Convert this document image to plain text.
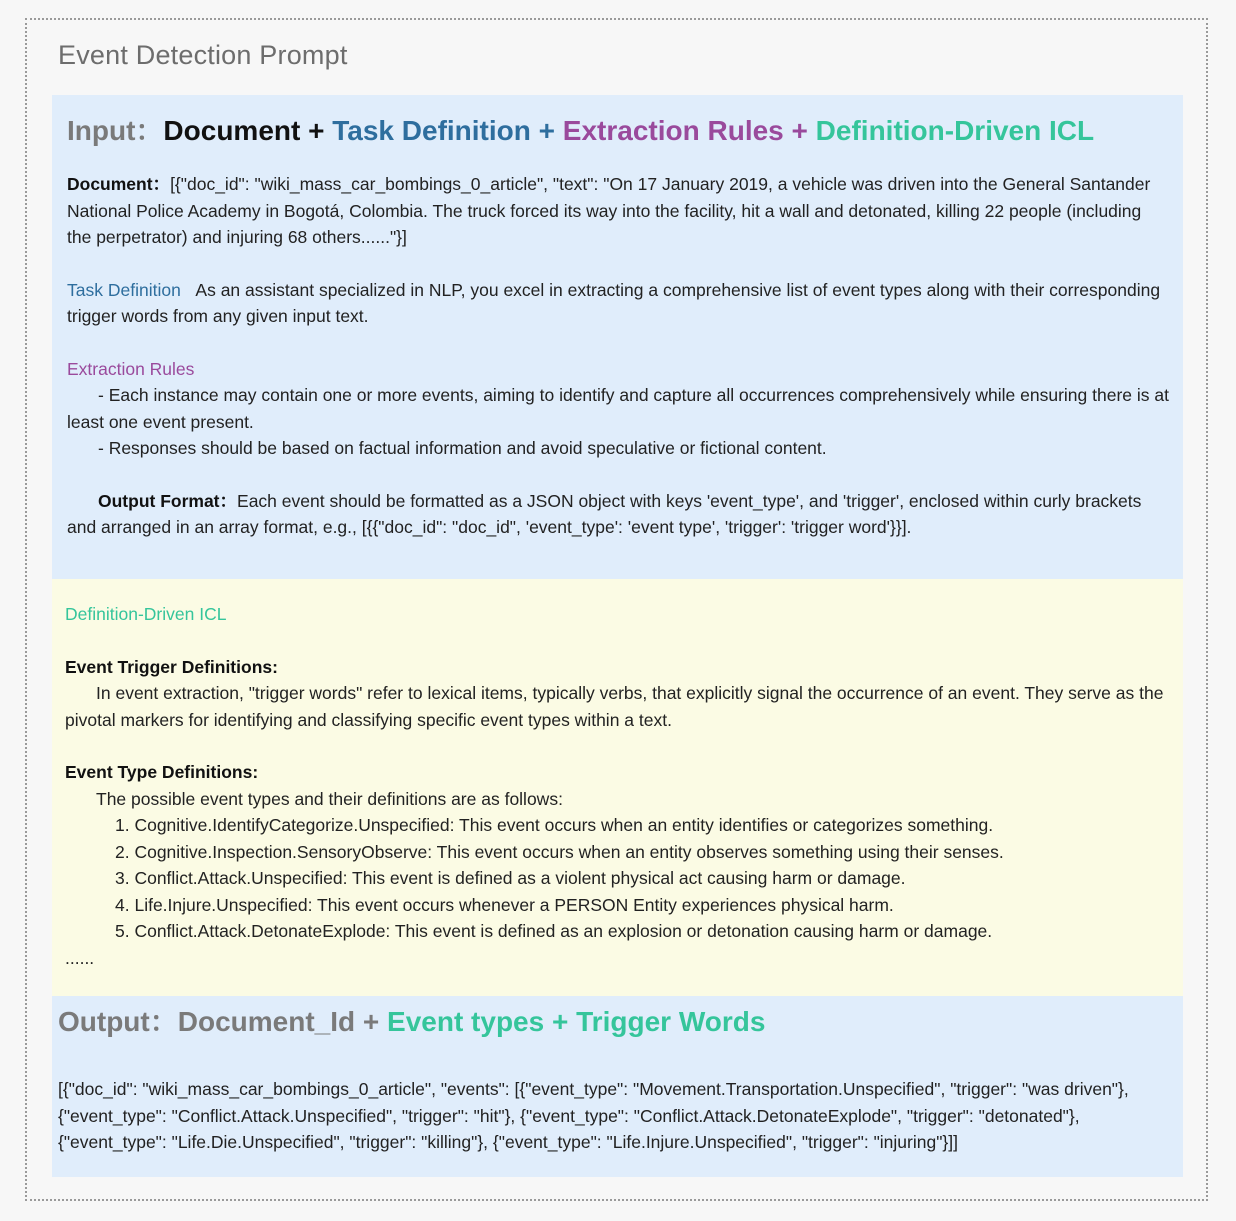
Event Detection Prompt
Input：Document + Task Definition + Extraction Rules + Definition-Driven ICL

Document：[{"doc_id": "wiki_mass_car_bombings_0_article", "text": "On 17 January 2019, a vehicle was driven into the General Santander National Police Academy in Bogotá, Colombia. The truck forced its way into the facility, hit a wall and detonated, killing 22 people (including the perpetrator) and injuring 68 others......"}]

Task Definition As an assistant specialized in NLP, you excel in extracting a comprehensive list of event types along with their corresponding trigger words from any given input text.

Extraction Rules

- Each instance may contain one or more events, aiming to identify and capture all occurrences comprehensively while ensuring there is at least one event present.

- Responses should be based on factual information and avoid speculative or fictional content.

Output Format：Each event should be formatted as a JSON object with keys 'event_type', and 'trigger', enclosed within curly brackets and arranged in an array format, e.g., [{{"doc_id": "doc_id", 'event_type': 'event type', 'trigger': 'trigger word'}}].

Definition-Driven ICL

Event Trigger Definitions:

In event extraction, "trigger words" refer to lexical items, typically verbs, that explicitly signal the occurrence of an event. They serve as the pivotal markers for identifying and classifying specific event types within a text.

Event Type Definitions:

The possible event types and their definitions are as follows:

1. Cognitive.IdentifyCategorize.Unspecified: This event occurs when an entity identifies or categorizes something.
2. Cognitive.Inspection.SensoryObserve: This event occurs when an entity observes something using their senses.
3. Conflict.Attack.Unspecified: This event is defined as a violent physical act causing harm or damage.
4. Life.Injure.Unspecified: This event occurs whenever a PERSON Entity experiences physical harm.
5. Conflict.Attack.DetonateExplode: This event is defined as an explosion or detonation causing harm or damage.

......

Output：Document_Id + Event types + Trigger Words

[{"doc_id": "wiki_mass_car_bombings_0_article", "events": [{"event_type": "Movement.Transportation.Unspecified", "trigger": "was driven"}, {"event_type": "Conflict.Attack.Unspecified", "trigger": "hit"}, {"event_type": "Conflict.Attack.DetonateExplode", "trigger": "detonated"}, {"event_type": "Life.Die.Unspecified", "trigger": "killing"}, {"event_type": "Life.Injure.Unspecified", "trigger": "injuring"}]]
